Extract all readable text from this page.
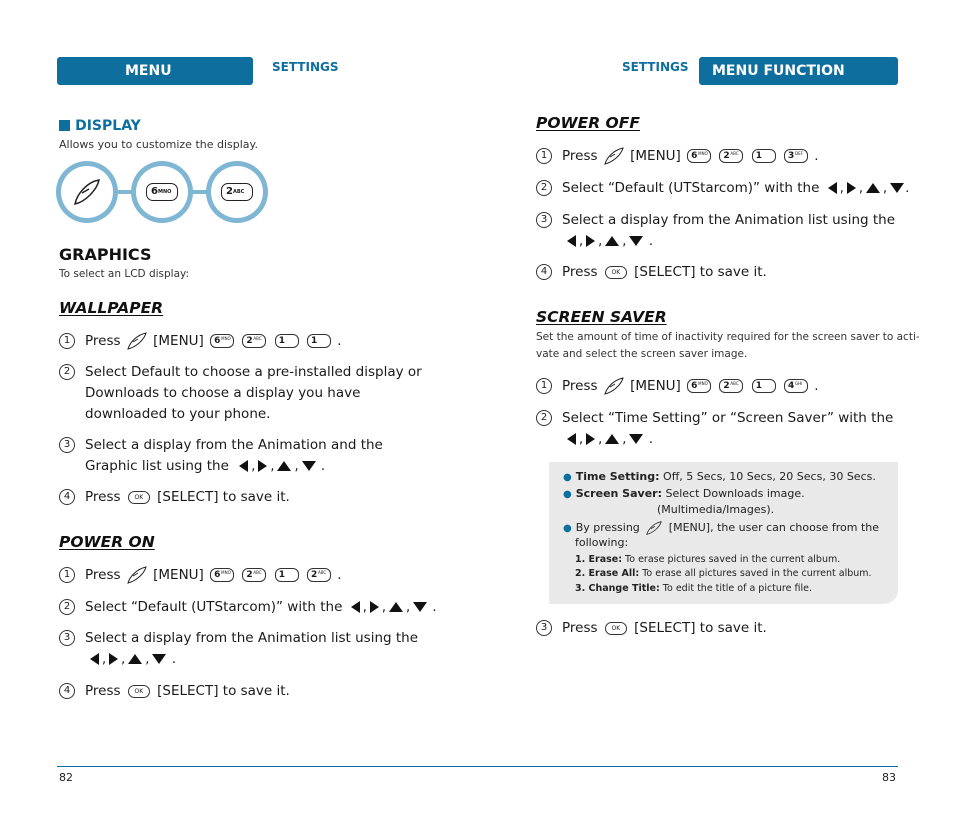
MENU FUNCTION
SETTINGS	SETTINGS	MENU FUNCTION
DISPLAY
Allows you to customize the display.
$6^{MNO}$	$2^{ABC}$
GRAPHICS
To select an LCD display:
WALLPAPER
1	Press [MENU] 6 MNO
2 ABC
1
	1 .
2	Select Default to choose a pre-installed display or
Downloads to choose a display you have
downloaded to your phone.
3	Select a display from the Animation and the
Graphic list using the , , , .
4	Press OK [SELECT] to save it.
POWER ON
1	Press [MENU] 6 MNO
2 ABC
1
	2 ABC .
2	Select “Default (UTStarcom)” with the , , , .
3	Select a display from the Animation list using the
, , , .
4	Press OK [SELECT] to save it.
POWER OFF
1	Press [MENU] 6 MNO
2 ABC
1
	3 DEF .
2	Select “Default (UTStarcom)” with the , , , .
3	Select a display from the Animation list using the
, , , .
4	Press OK [SELECT] to save it.
SCREEN SAVER
Set the amount of time of inactivity required for the screen saver to acti-
vate and select the screen saver image.
1	Press [MENU] 6 MNO
2 ABC
1
	4 GHI .
2	Select “Time Setting” or “Screen Saver” with the
, , , .
● Time Setting: Off, 5 Secs, 10 Secs, 20 Secs, 30 Secs.
● Screen Saver: Select Downloads image.
(Multimedia/Images).
● By pressing	[MENU], the user can choose from the
following:
1. Erase: To erase pictures saved in the current album.
2. Erase All: To erase all pictures saved in the current album.
3. Change Title: To edit the title of a picture file.
3	Press OK [SELECT] to save it.
82	83
